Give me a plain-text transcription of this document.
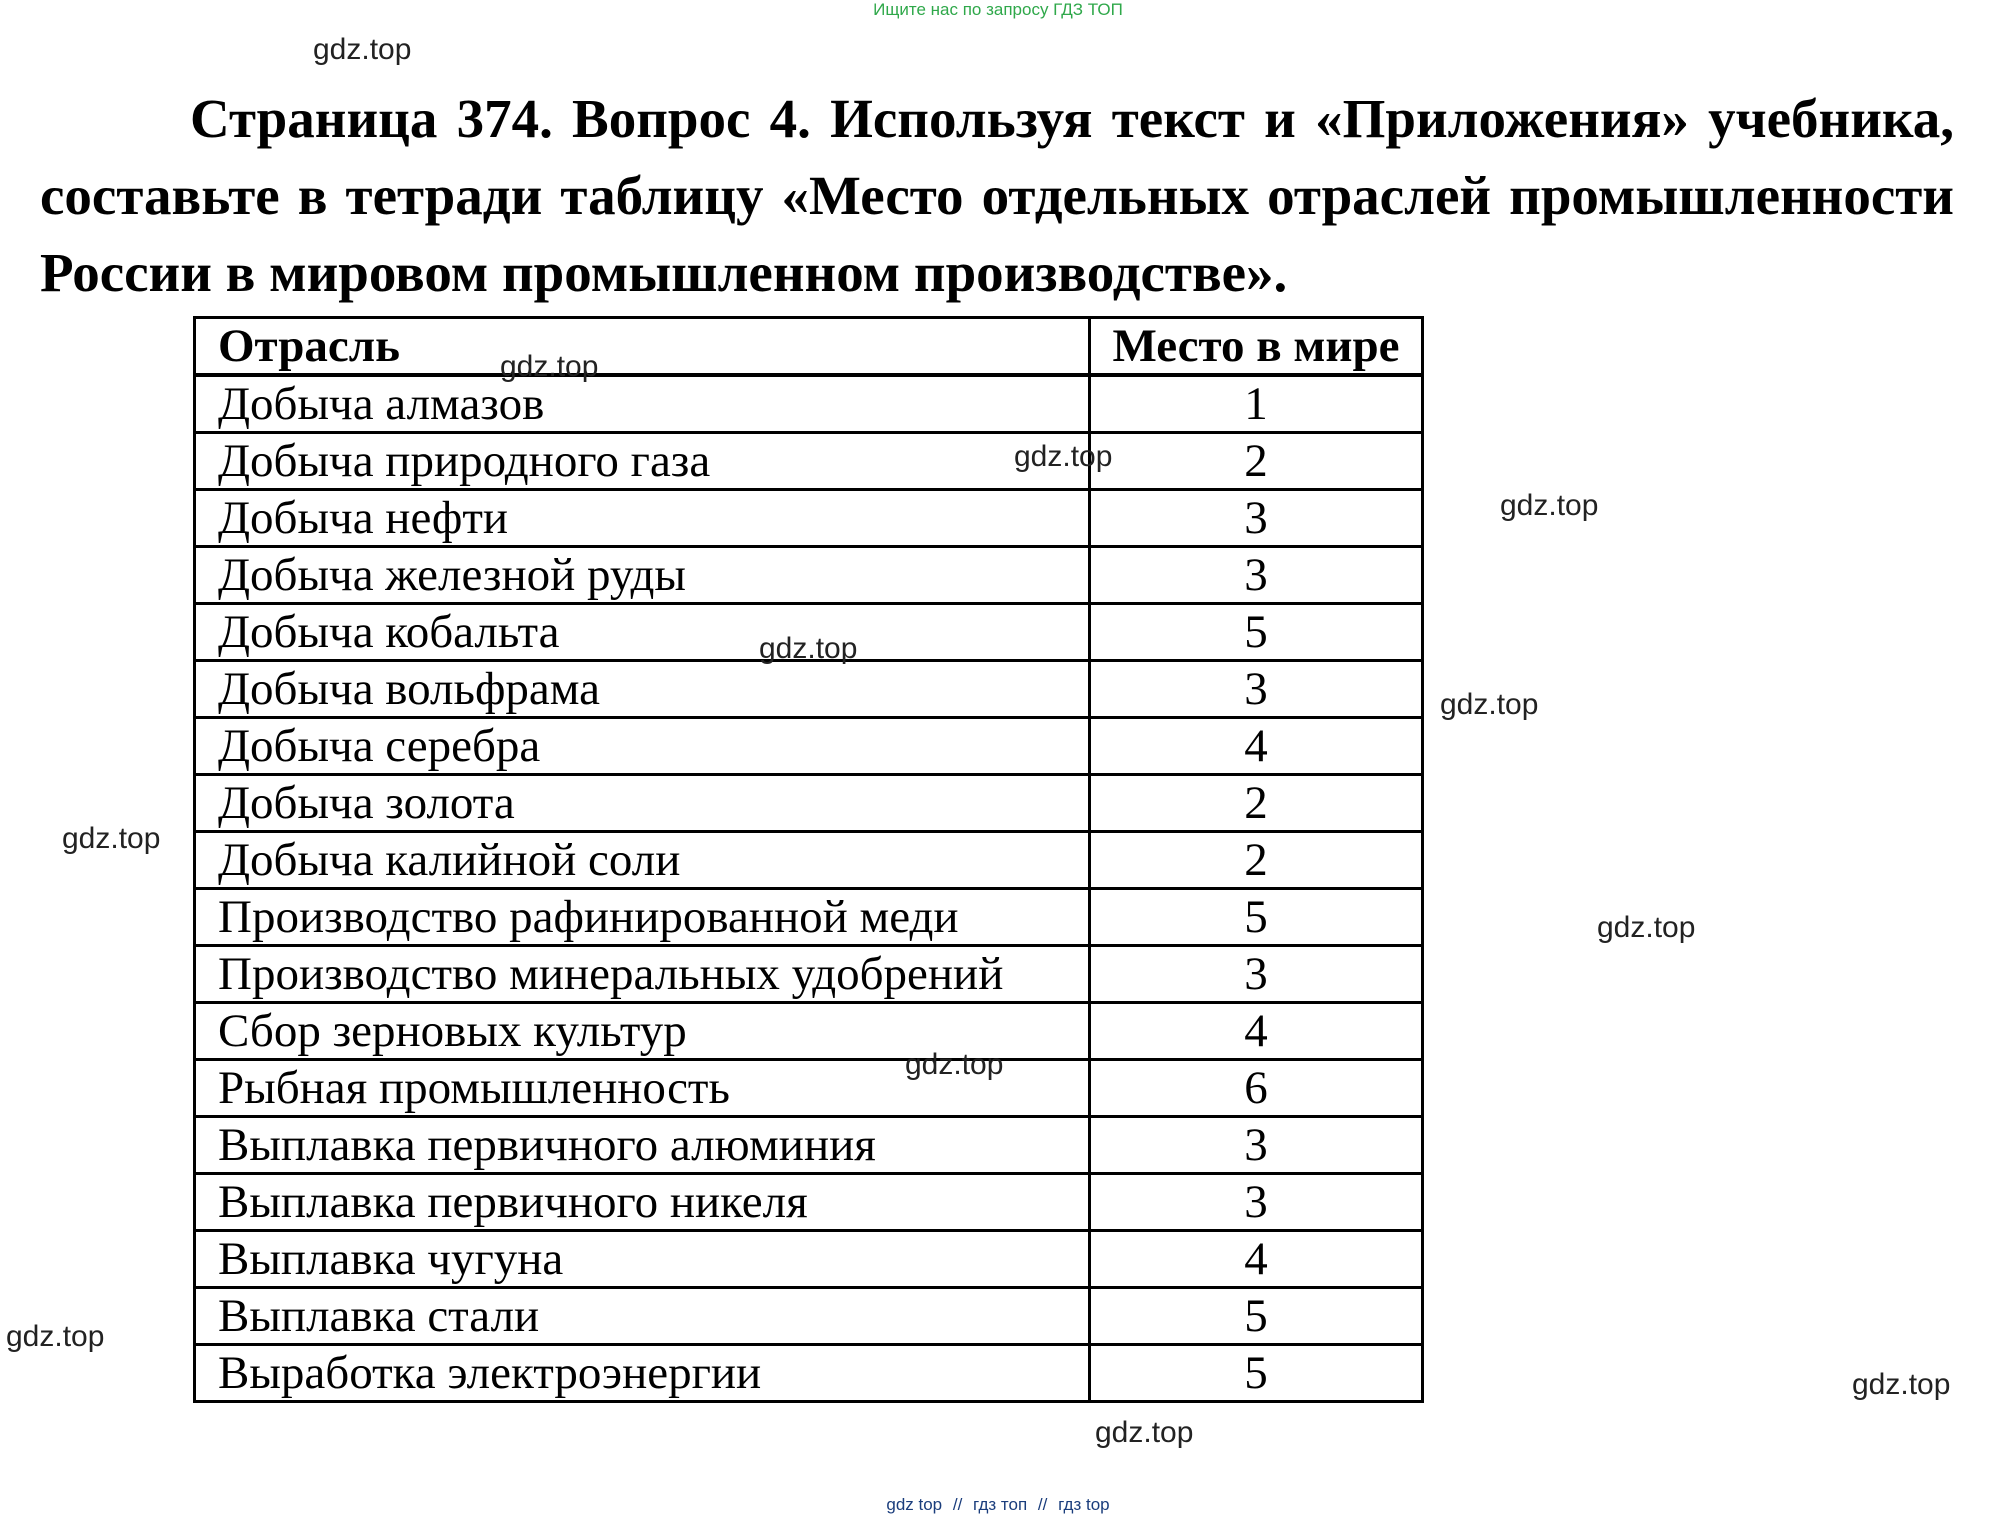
Ищите нас по запросу ГДЗ ТОП

Страница 374. Вопрос 4. Используя текст и «Приложения» учебника, составьте в тетради таблицу «Место отдельных отраслей промышленности России в мировом промышленном производстве».

Отрасль	Место в мире
Добыча алмазов	1
Добыча природного газа	2
Добыча нефти	3
Добыча железной руды	3
Добыча кобальта	5
Добыча вольфрама	3
Добыча серебра	4
Добыча золота	2
Добыча калийной соли	2
Производство рафинированной меди	5
Производство минеральных удобрений	3
Сбор зерновых культур	4
Рыбная промышленность	6
Выплавка первичного алюминия	3
Выплавка первичного никеля	3
Выплавка чугуна	4
Выплавка стали	5
Выработка электроэнергии	5
gdz.top
gdz.top
gdz.top
gdz.top
gdz.top
gdz.top
gdz.top
gdz.top
gdz.top
gdz.top
gdz.top
gdz.top
gdz top // гдз топ // гдз top
